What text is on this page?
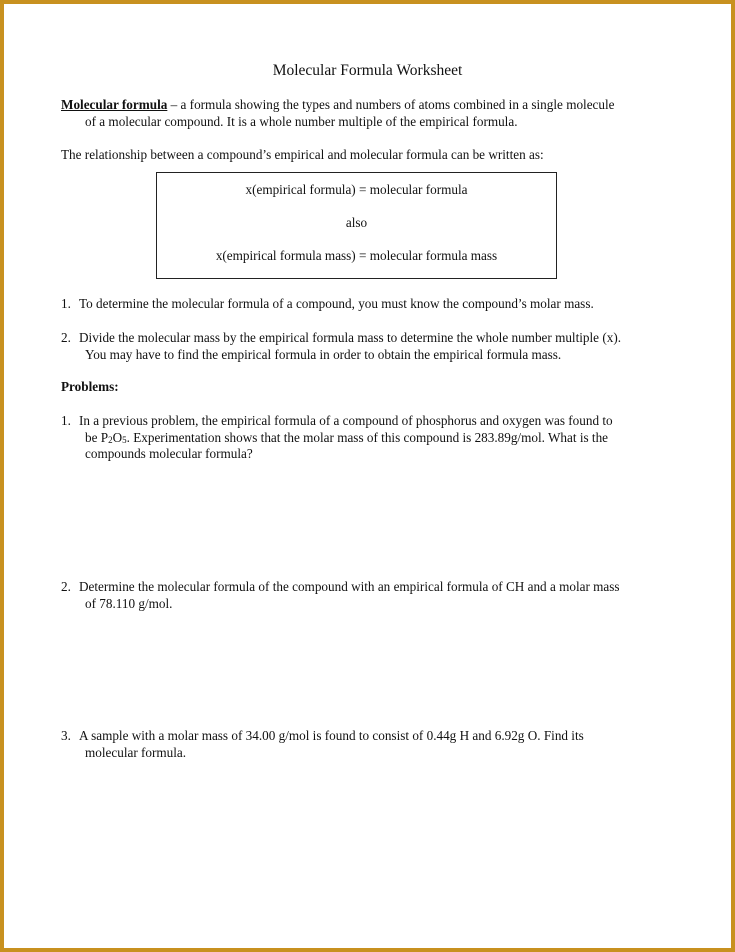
Molecular Formula Worksheet

Molecular formula – a formula showing the types and numbers of atoms combined in a single molecule
of a molecular compound. It is a whole number multiple of the empirical formula.

The relationship between a compound’s empirical and molecular formula can be written as:

x(empirical formula) = molecular formula

also

x(empirical formula mass) = molecular formula mass

1. To determine the molecular formula of a compound, you must know the compound’s molar mass.
2. Divide the molecular mass by the empirical formula mass to determine the whole number multiple (x).
You may have to find the empirical formula in order to obtain the empirical formula mass.

Problems:

1. In a previous problem, the empirical formula of a compound of phosphorus and oxygen was found to
be $P_2O_5$. Experimentation shows that the molar mass of this compound is 283.89g/mol. What is the
compounds molecular formula?
2. Determine the molecular formula of the compound with an empirical formula of CH and a molar mass
of 78.110 g/mol.
3. A sample with a molar mass of 34.00 g/mol is found to consist of 0.44g H and 6.92g O. Find its
molecular formula.
